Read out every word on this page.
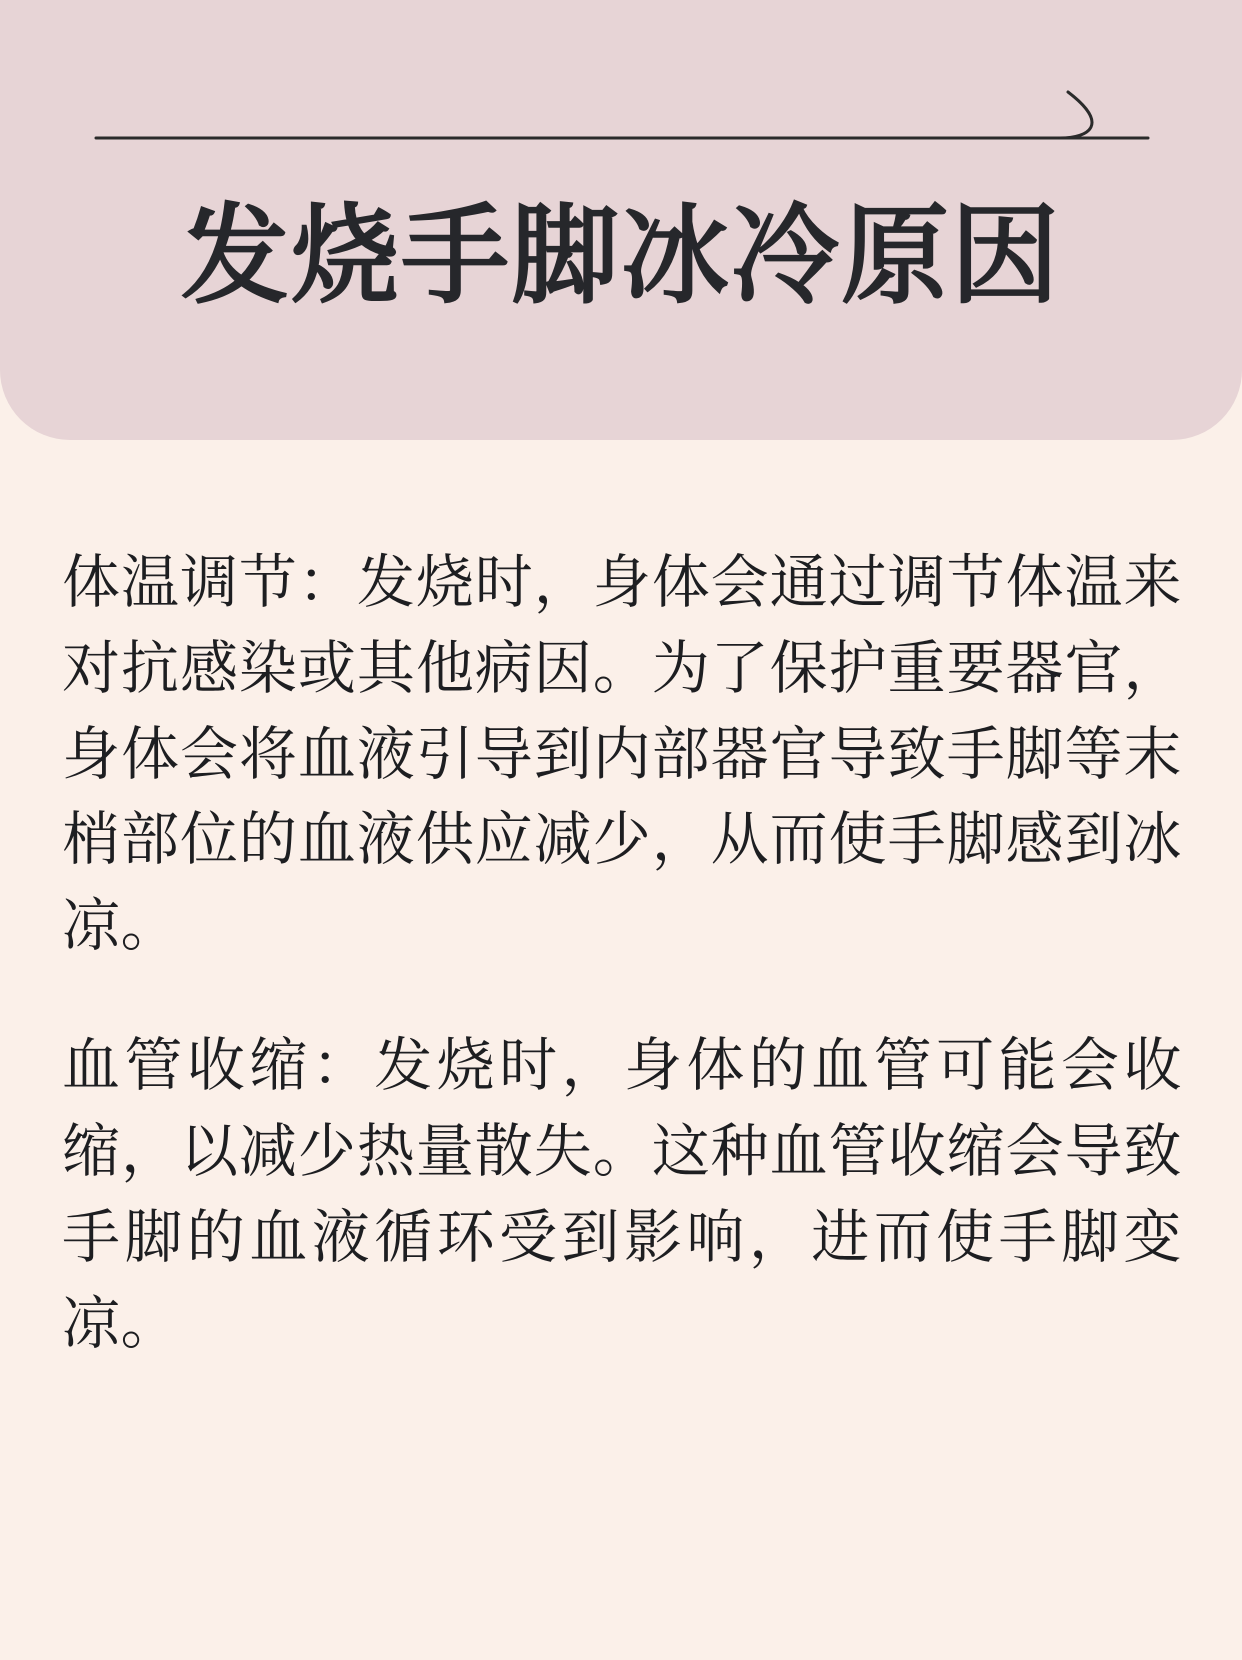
发烧手脚冰冷原因

体温调节：发烧时，身体会通过调节体温来对抗感染或其他病因。为了保护重要器官，身体会将血液引导到内部器官导致手脚等末梢部位的血液供应减少，从而使手脚感到冰凉。

血管收缩：发烧时，身体的血管可能会收缩，以减少热量散失。这种血管收缩会导致手脚的血液循环受到影响，进而使手脚变凉。
